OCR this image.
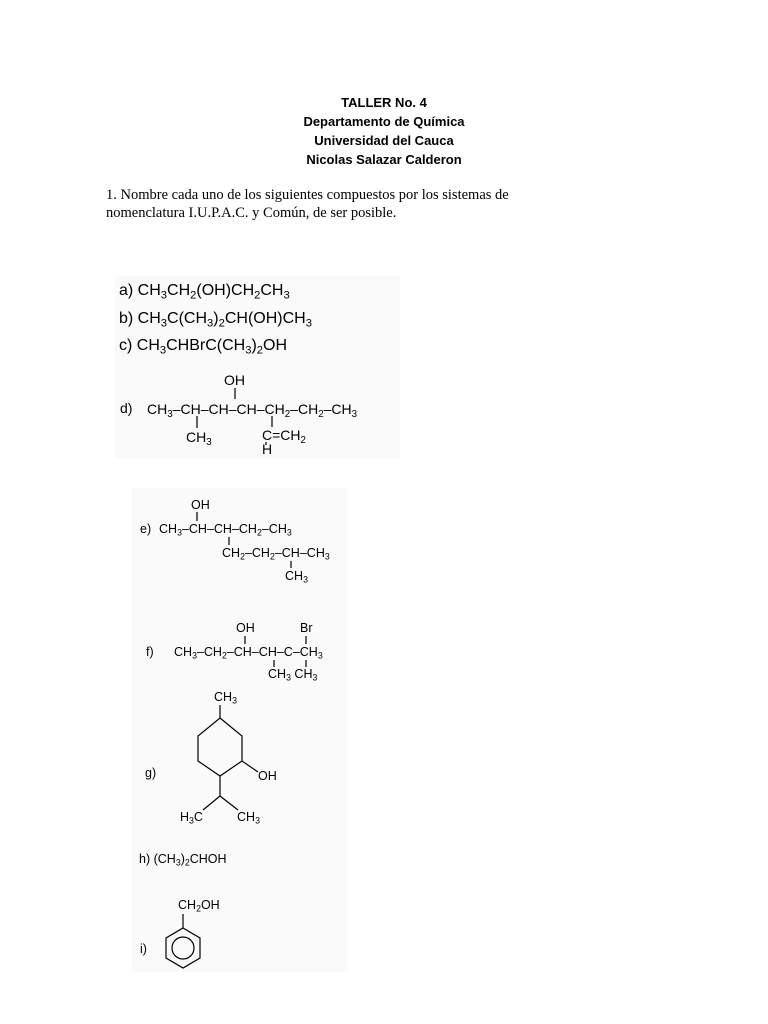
TALLER No. 4
Departamento de Química
Universidad del Cauca
Nicolas Salazar Calderon
1. Nombre cada uno de los siguientes compuestos por los sistemas de
nomenclatura I.U.P.A.C. y Común, de ser posible.
a) $CH_3CH_2(OH)CH_2CH_3$
b) $CH_3C(CH_3)_2CH(OH)CH_3$
c) $CH_3CHBrC(CH_3)_2OH$
d)
OH
$CH_3-CH-CH-CH-CH_2-CH_2-CH_3$
$CH_3$	$C=CH_2$
H
e)
OH
$CH_3-CH-CH-CH_2-CH_3$
$CH_2-CH_2-CH-CH_3$
$CH_3$
f)
OH	Br
$CH_3-CH_2-CH-CH-C-CH_3$
$CH_3$ $CH_3$
g)
$CH_3$
OH
$H_3C$	$CH_3$
h) $(CH_3)_2CHOH$
i)
$CH_2OH$
